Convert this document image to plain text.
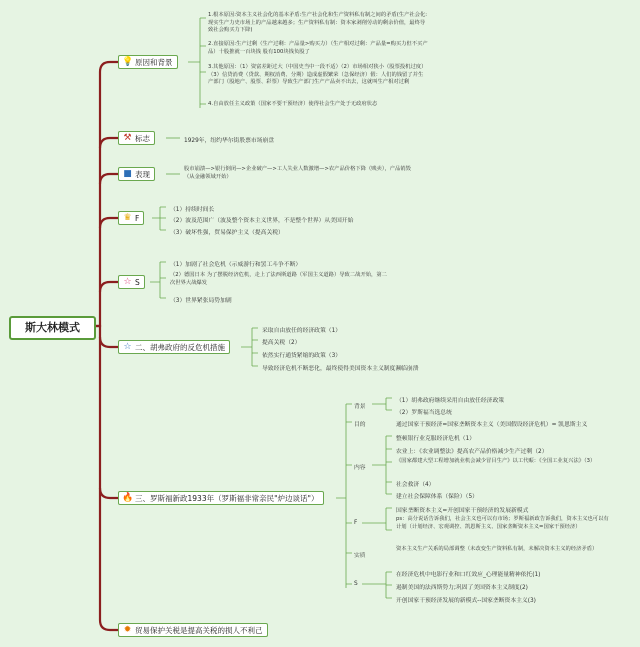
斯大林模式
💡 原因和背景
1.根本原因:资本主义社会化的基本矛盾:生产社会化和生产资料私有制之间的矛盾(生产社会化:现实生产力史市场上的产品越来越多；生产资料私有制：资本家剥削劳动的剩余价值，最终导致社会购买力下降)
2.直接原因:生产过剩（生产过剩：产品量>购买力）（生产相对过剩：产品量=购买力但不买产品）十股推就一百块钱 股有100块钱负股了
3.其他原因：（1）资富差距过大（中国史当中一段不适）（2）市场相对狭小（股票投机过度）（3）信贷消费（贷款、期权消费、分期）造成虚假繁荣（急保经济）假：人们的钱留了并生产部门（股地产、股票、彩票）导致生产部门生产产品卖不出去，这就叫生产相对过剩
4.自由放任主义政策（国家不要干预经济）使得社会生产处于无政府状态
⚒ 标志	1929年，纽约华尔街股票市场崩盘
■ 表现
股市崩溃—>银行倒闭—>企业破产—>工人失业人数激增—>农产品价格下降（贱卖），产品销毁（从金融领域开始）
♛ F
（1）持续时间长
（2）波及范围广（波及整个资本主义世界，不是整个世界）从美国开始
（3）破坏性强，贸易保护主义（提高关税）
☆ S
（1）加剧了社会危机（示威游行和罢工斗争不断）
（2）德国日本 为了摆脱经济危机，走上了法西斯道路（军国主义道路）导致二战开始，第二次世界大战爆发
（3）世界紧张局势加剧
☆ 二、胡弗政府的反危机措施
采取自由放任的经济政策（1）
提高关税（2）
依然实行通货紧缩的政策（3）
导致经济危机不断恶化，最终使得美国资本主义制度濒临崩溃
🔥 三、罗斯福新政1933年（罗斯福非常亲民"炉边谈话"）
背景
（1）胡弗政府继续采用自由放任经济政策
（2）罗斯福当选总统
目的	通过国家干预经济=国家垄断资本主义（美国假设经济危机）= 凯恩斯主义
内容
整顿银行业克服经济危机（1）
农业上：《农业调整法》提高农产品价格减少生产过剩（2）
《国家都建大型工程增加就业机会减少冒目生产》以工代赈：《全国工业复兴法》（3）
社会救济（4）
建立社会保障体系（保险）（5）
F
国家垄断资本主义=开创国家干预经济的发展新模式
ps：高分说话告诉我们，社会主义也可以有市场；罗斯福新政告诉我们，资本主义也可以有计划（计划经济、宏观调控、凯恩斯主义、国家垄断资本主义=国家干预经济）
实质
资本主义生产关系的局部调整（未改变生产资料私有制，未解决资本主义的经济矛盾）
S
在经济危机中电影行业和口红效应_心理能量精神依托(1)
遏制美国的法西斯势力;巩固了美国资本主义制度(2)
开创国家干预经济发展的新模式--国家垄断资本主义(3)
✹ 贸易保护关税是提高关税的损人不利己
